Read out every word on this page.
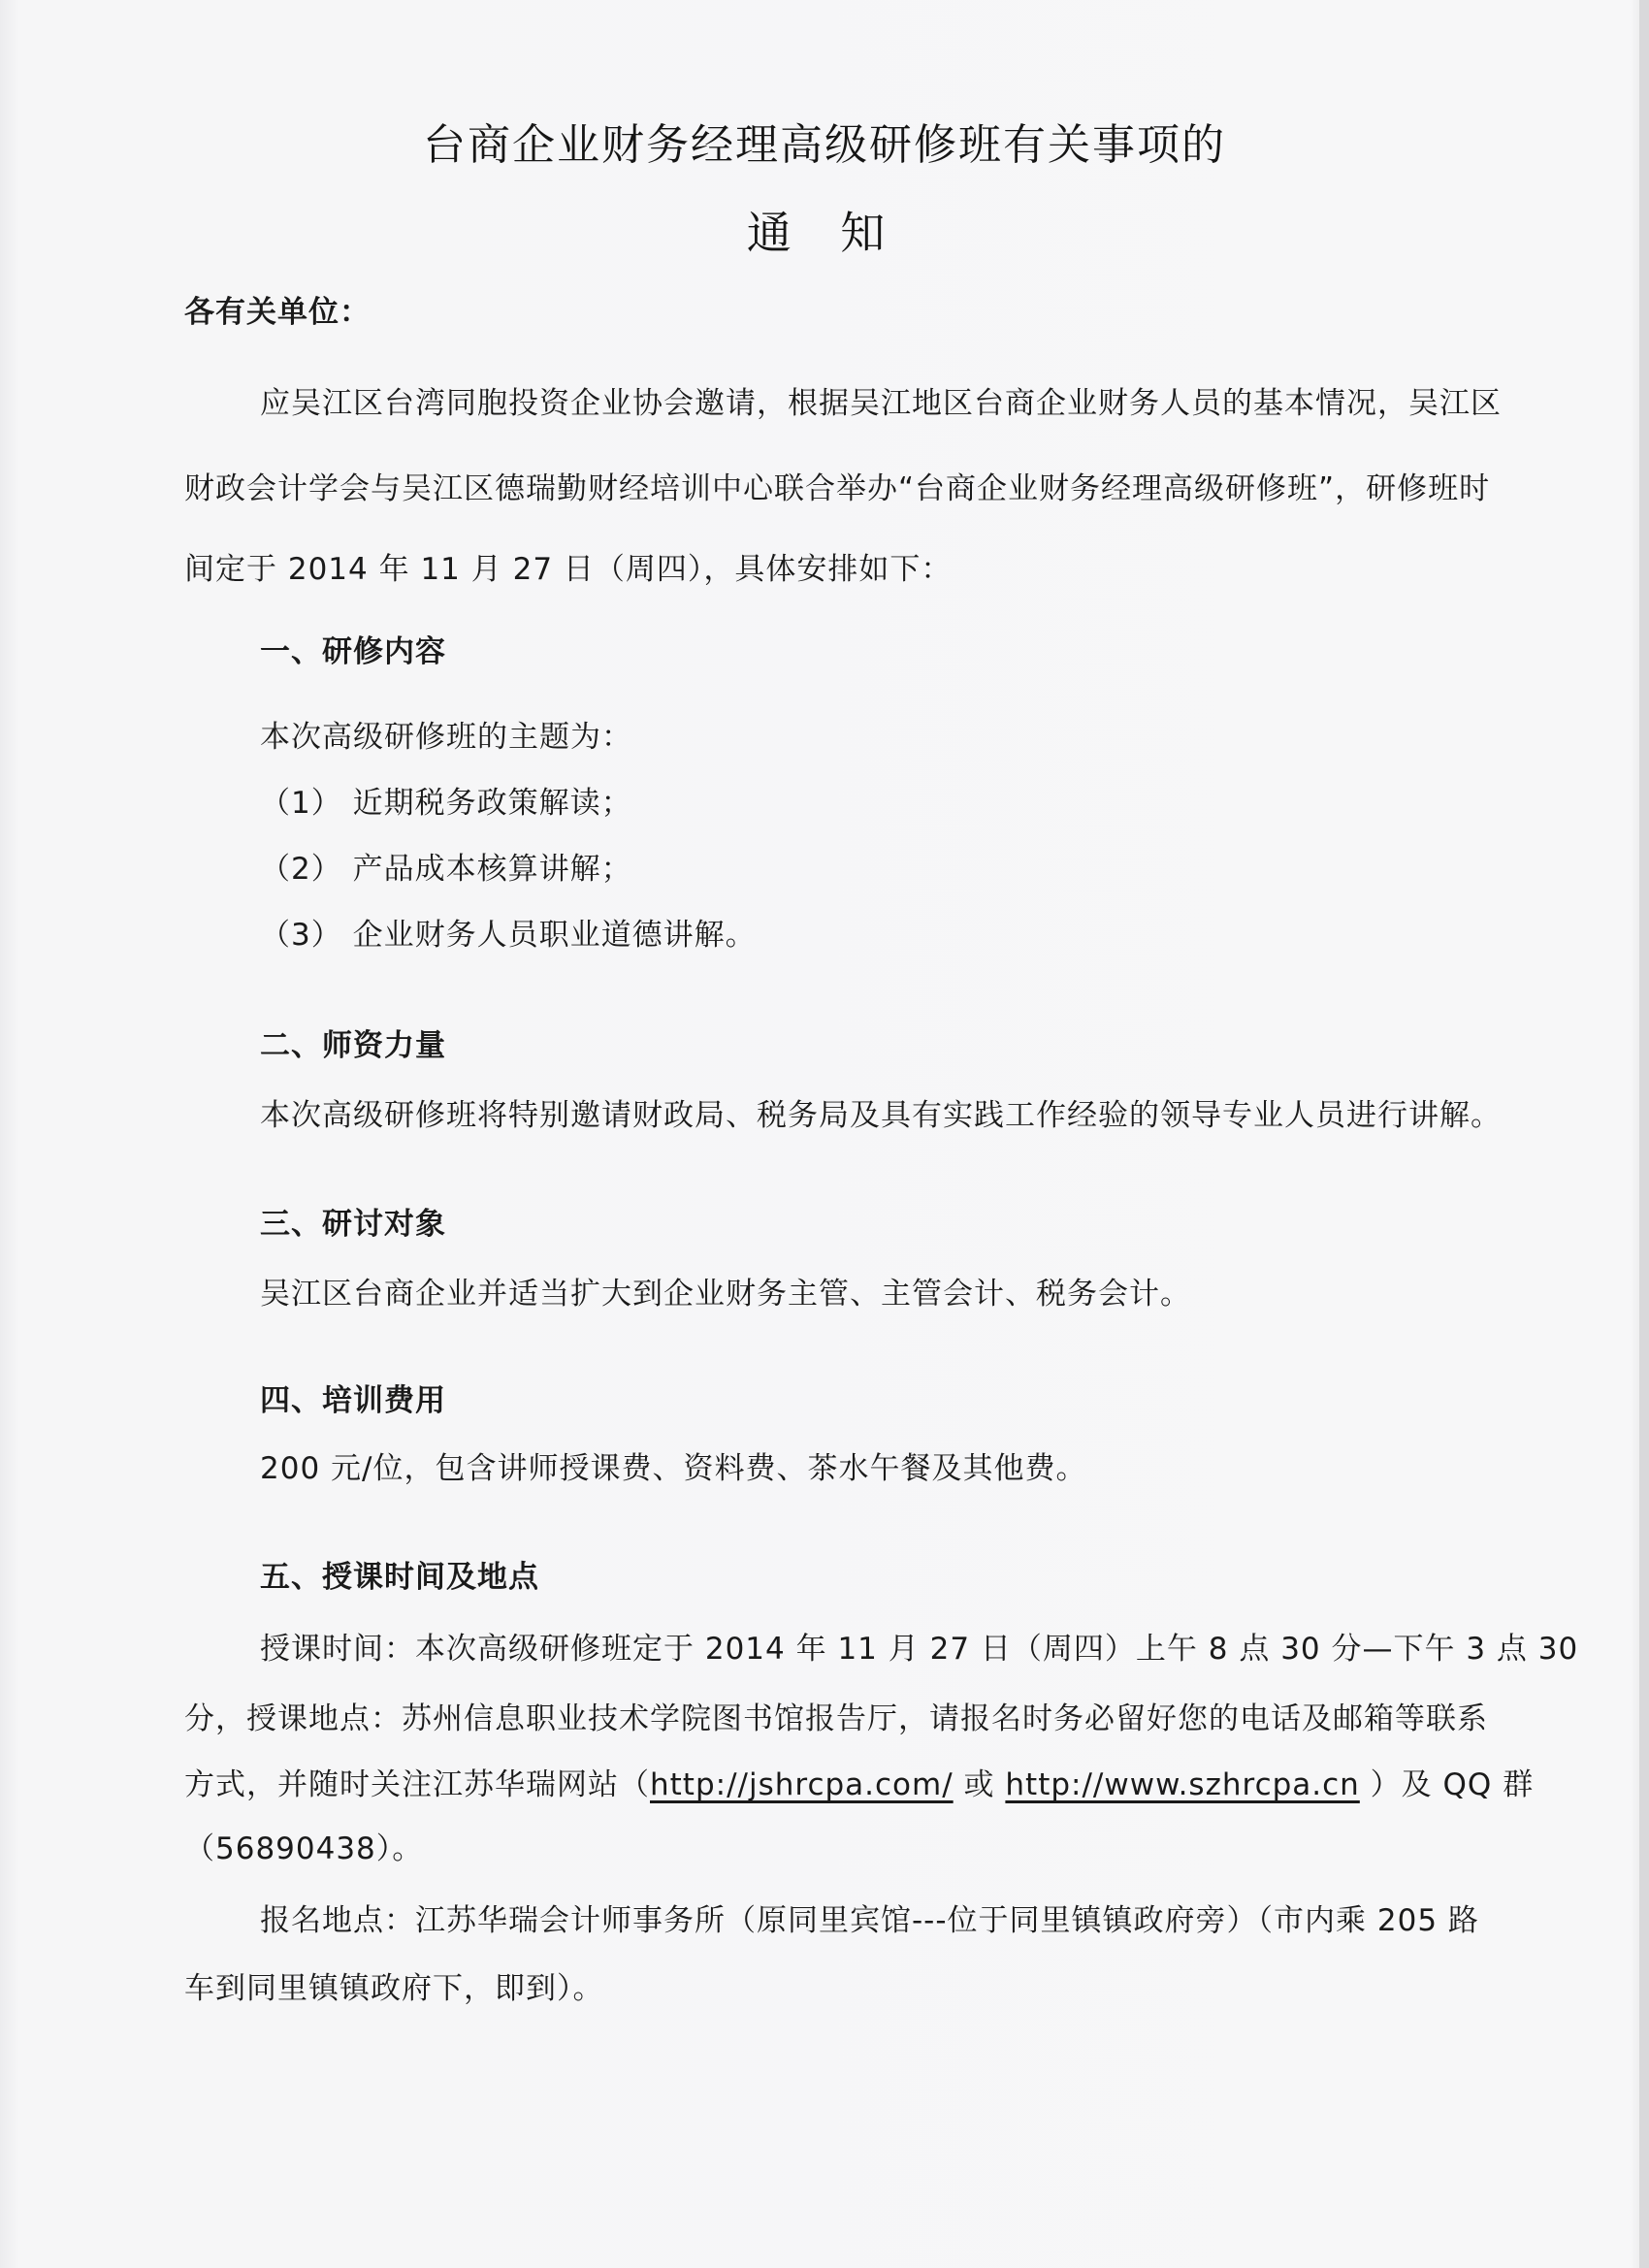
台商企业财务经理高级研修班有关事项的
通 知
各有关单位：
应吴江区台湾同胞投资企业协会邀请，根据吴江地区台商企业财务人员的基本情况，吴江区
财政会计学会与吴江区德瑞勤财经培训中心联合举办“台商企业财务经理高级研修班”，研修班时
间定于 2014 年 11 月 27 日（周四），具体安排如下：
一、研修内容
本次高级研修班的主题为：
（1） 近期税务政策解读；
（2） 产品成本核算讲解；
（3） 企业财务人员职业道德讲解。
二、师资力量
本次高级研修班将特别邀请财政局、税务局及具有实践工作经验的领导专业人员进行讲解。
三、研讨对象
吴江区台商企业并适当扩大到企业财务主管、主管会计、税务会计。
四、培训费用
200 元/位，包含讲师授课费、资料费、茶水午餐及其他费。
五、授课时间及地点
授课时间：本次高级研修班定于 2014 年 11 月 27 日（周四）上午 8 点 30 分—下午 3 点 30
分，授课地点：苏州信息职业技术学院图书馆报告厅，请报名时务必留好您的电话及邮箱等联系
方式，并随时关注江苏华瑞网站（http://jshrcpa.com/ 或 http://www.szhrcpa.cn ）及 QQ 群
（56890438）。
报名地点：江苏华瑞会计师事务所（原同里宾馆---位于同里镇镇政府旁）（市内乘 205 路
车到同里镇镇政府下，即到）。
